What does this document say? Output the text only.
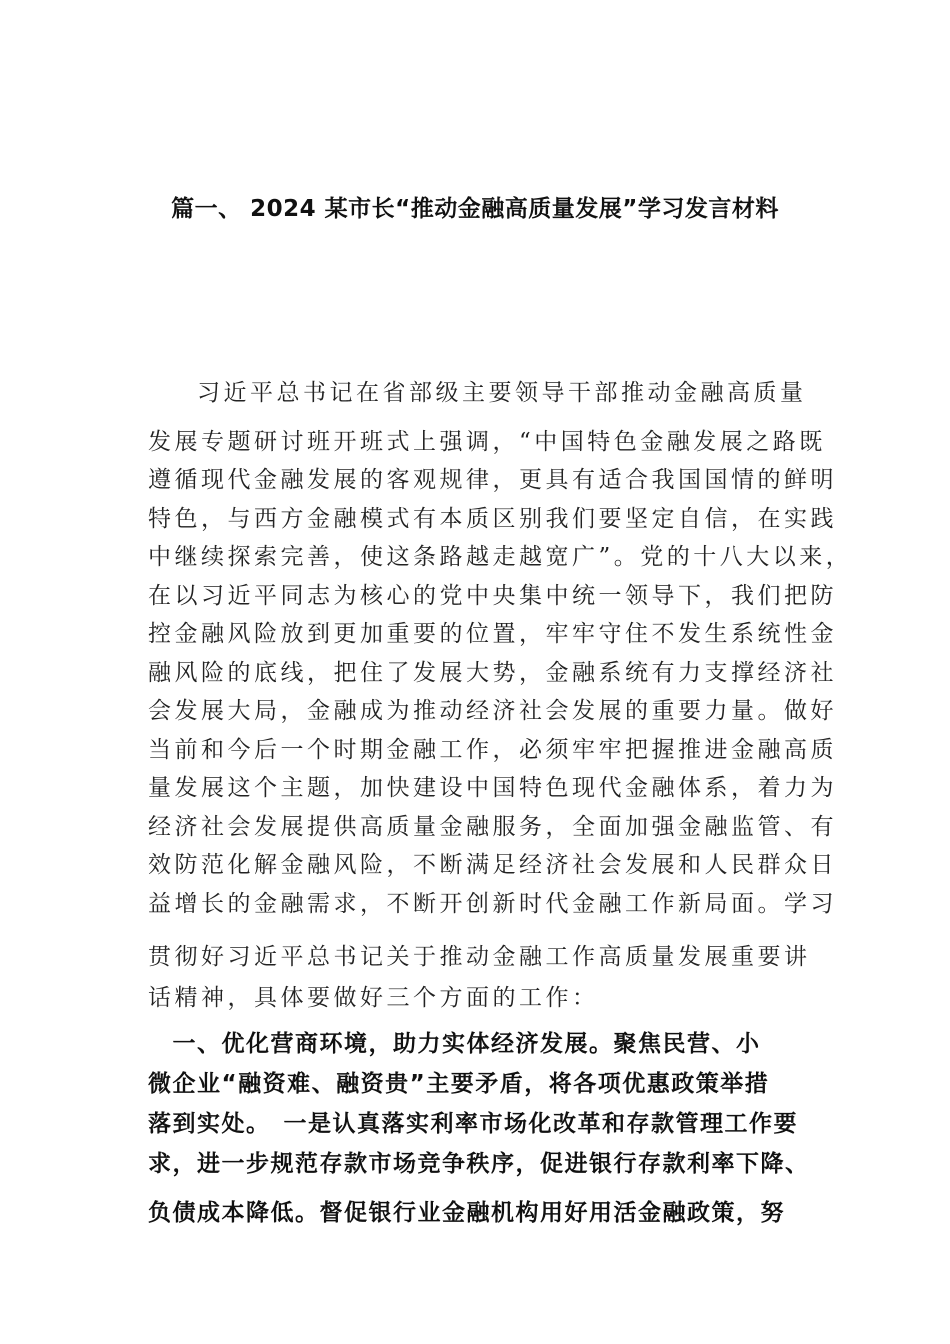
篇一、 2024 某市长“推动金融高质量发展”学习发言材料
习近平总书记在省部级主要领导干部推动金融高质量
发展专题研讨班开班式上强调，“中国特色金融发展之路既
遵循现代金融发展的客观规律，更具有适合我国国情的鲜明
特色，与西方金融模式有本质区别我们要坚定自信，在实践
中继续探索完善，使这条路越走越宽广”。党的十八大以来，
在以习近平同志为核心的党中央集中统一领导下，我们把防
控金融风险放到更加重要的位置，牢牢守住不发生系统性金
融风险的底线，把住了发展大势，金融系统有力支撑经济社
会发展大局，金融成为推动经济社会发展的重要力量。做好
当前和今后一个时期金融工作，必须牢牢把握推进金融高质
量发展这个主题，加快建设中国特色现代金融体系，着力为
经济社会发展提供高质量金融服务，全面加强金融监管、有
效防范化解金融风险，不断满足经济社会发展和人民群众日
益增长的金融需求，不断开创新时代金融工作新局面。学习
贯彻好习近平总书记关于推动金融工作高质量发展重要讲
话精神，具体要做好三个方面的工作：
　一、优化营商环境，助力实体经济发展。聚焦民营、小
微企业“融资难、融资贵”主要矛盾，将各项优惠政策举措
落到实处。　一是认真落实利率市场化改革和存款管理工作要
求，进一步规范存款市场竞争秩序，促进银行存款利率下降、
负债成本降低。督促银行业金融机构用好用活金融政策，努
